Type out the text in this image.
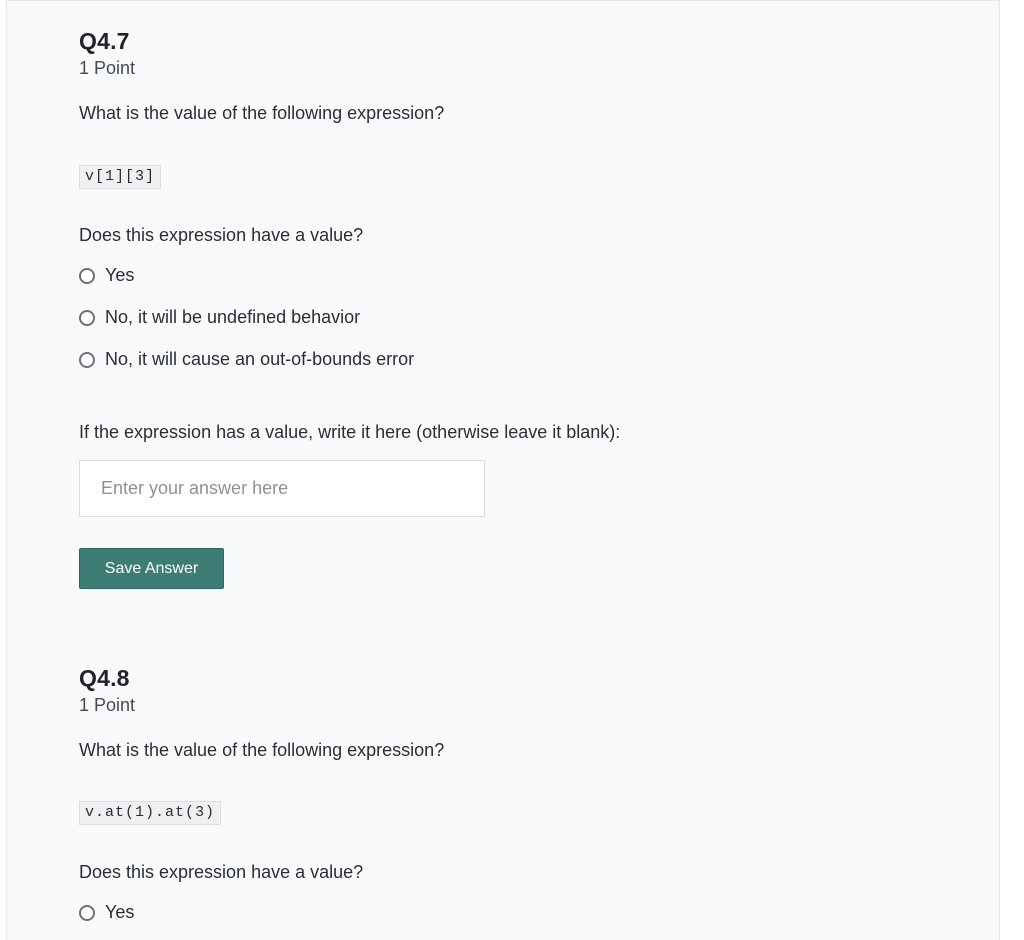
Q4.7
1 Point
What is the value of the following expression?
v[1][3]
Does this expression have a value?
Yes
No, it will be undefined behavior
No, it will cause an out-of-bounds error
If the expression has a value, write it here (otherwise leave it blank):
Enter your answer here
Save Answer
Q4.8
1 Point
What is the value of the following expression?
v.at(1).at(3)
Does this expression have a value?
Yes
